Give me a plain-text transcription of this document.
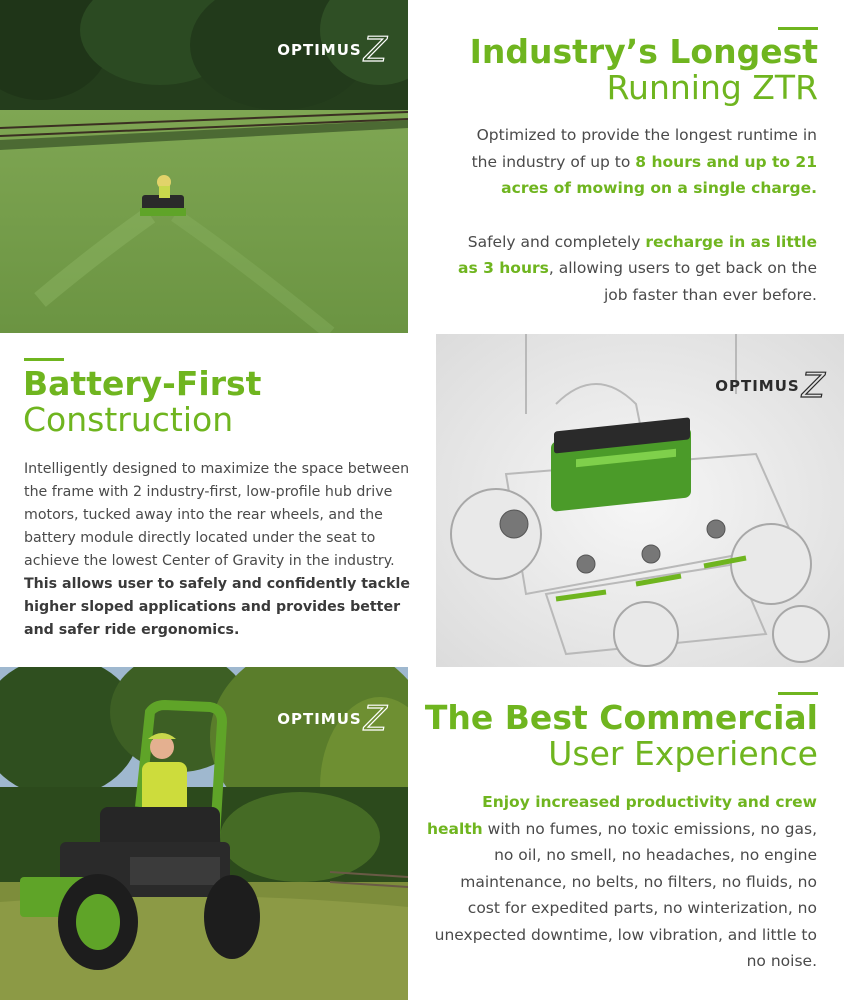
OPTIMUS Z Industry’s Longest
Running ZTR

Optimized to provide the longest runtime in the industry of up to 8 hours and up to 21 acres of mowing on a single charge.

Safely and completely recharge in as little as 3 hours, allowing users to get back on the job faster than ever before.

Battery-First
Construction

Intelligently designed to maximize the space between the frame with 2 industry-first, low-profile hub drive motors, tucked away into the rear wheels, and the battery module directly located under the seat to achieve the lowest Center of Gravity in the industry. This allows user to safely and confidently tackle higher sloped applications and provides better and safer ride ergonomics.

OPTIMUS Z
OPTIMUS Z The Best Commercial
User Experience

Enjoy increased productivity and crew health with no fumes, no toxic emissions, no gas, no oil, no smell, no headaches, no engine maintenance, no belts, no filters, no fluids, no cost for expedited parts, no winterization, no unexpected downtime, low vibration, and little to no noise.
